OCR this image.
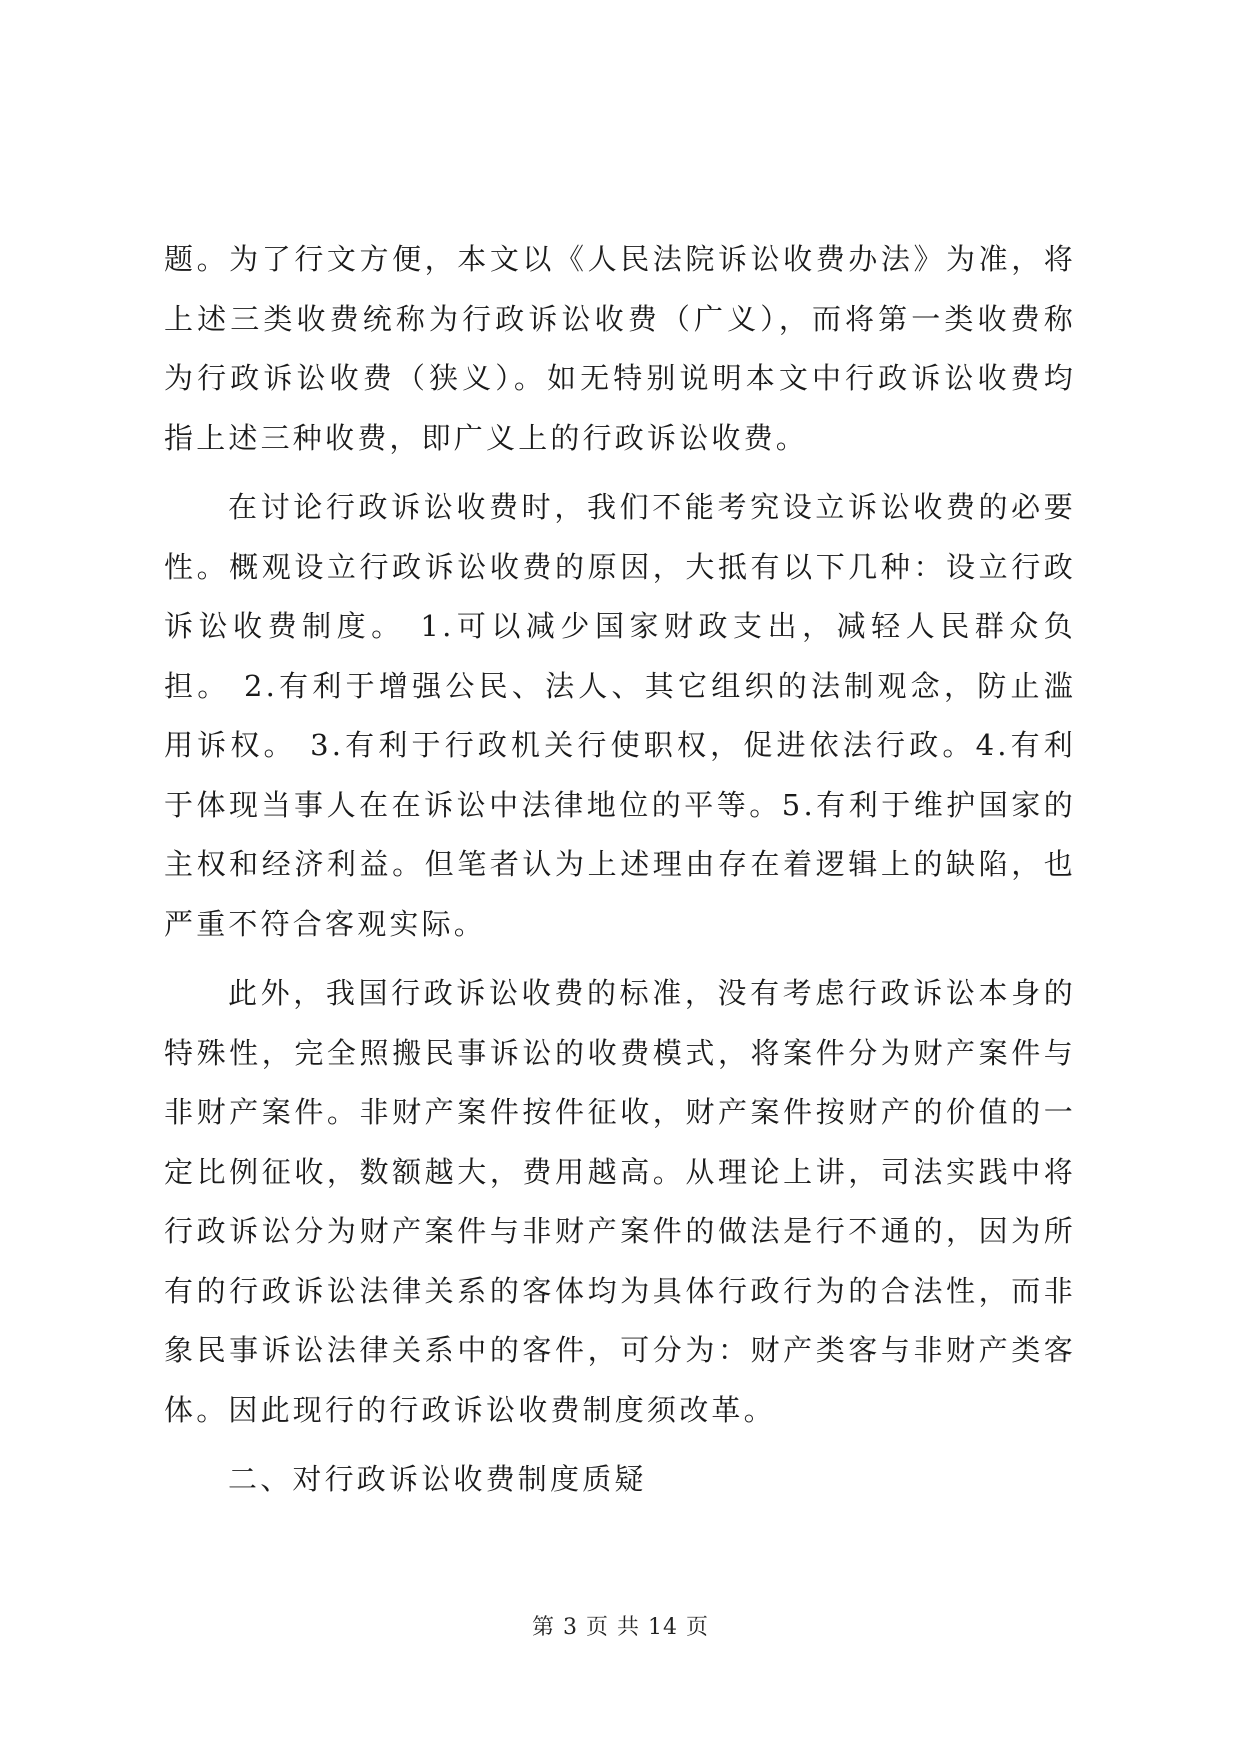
题。为了行文方便，本文以《人民法院诉讼收费办法》为准，将上述三类收费统称为行政诉讼收费（广义），而将第一类收费称为行政诉讼收费（狭义）。如无特别说明本文中行政诉讼收费均指上述三种收费，即广义上的行政诉讼收费。

在讨论行政诉讼收费时，我们不能考究设立诉讼收费的必要性。概观设立行政诉讼收费的原因，大抵有以下几种：设立行政诉讼收费制度。 1.可以减少国家财政支出，减轻人民群众负担。 2.有利于增强公民、法人、其它组织的法制观念，防止滥用诉权。 3.有利于行政机关行使职权，促进依法行政。4.有利于体现当事人在在诉讼中法律地位的平等。5.有利于维护国家的主权和经济利益。但笔者认为上述理由存在着逻辑上的缺陷，也严重不符合客观实际。

此外，我国行政诉讼收费的标准，没有考虑行政诉讼本身的特殊性，完全照搬民事诉讼的收费模式，将案件分为财产案件与非财产案件。非财产案件按件征收，财产案件按财产的价值的一定比例征收，数额越大，费用越高。从理论上讲，司法实践中将行政诉讼分为财产案件与非财产案件的做法是行不通的，因为所有的行政诉讼法律关系的客体均为具体行政行为的合法性，而非象民事诉讼法律关系中的客件，可分为：财产类客与非财产类客体。因此现行的行政诉讼收费制度须改革。

二、对行政诉讼收费制度质疑

第 3 页 共 14 页
